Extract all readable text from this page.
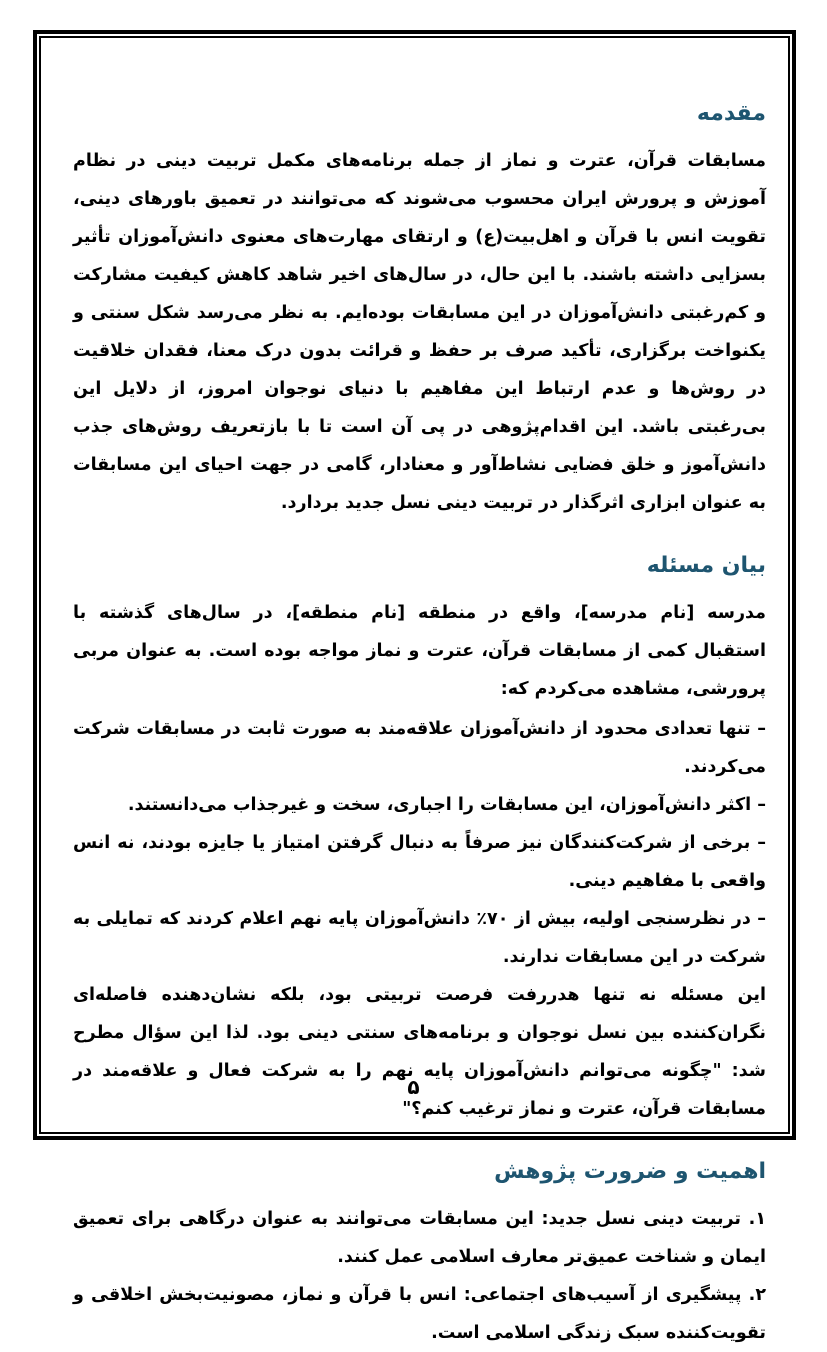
مقدمه

مسابقات قرآن، عترت و نماز از جمله برنامه‌های مکمل تربیت دینی در نظام آموزش و پرورش ایران محسوب می‌شوند که می‌توانند در تعمیق باورهای دینی، تقویت انس با قرآن و اهل‌بیت(ع) و ارتقای مهارت‌های معنوی دانش‌آموزان تأثیر بسزایی داشته باشند. با این حال، در سال‌های اخیر شاهد کاهش کیفیت مشارکت و کم‌رغبتی دانش‌آموزان در این مسابقات بوده‌ایم. به نظر می‌رسد شکل سنتی و یکنواخت برگزاری، تأکید صرف بر حفظ و قرائت بدون درک معنا، فقدان خلاقیت در روش‌ها و عدم ارتباط این مفاهیم با دنیای نوجوان امروز، از دلایل این بی‌رغبتی باشد. این اقدام‌پژوهی در پی آن است تا با بازتعریف روش‌های جذب دانش‌آموز و خلق فضایی نشاط‌آور و معنادار، گامی در جهت احیای این مسابقات به عنوان ابزاری اثرگذار در تربیت دینی نسل جدید بردارد.

بیان مسئله

مدرسه [نام مدرسه]، واقع در منطقه [نام منطقه]، در سال‌های گذشته با استقبال کمی از مسابقات قرآن، عترت و نماز مواجه بوده است. به عنوان مربی پرورشی، مشاهده می‌کردم که:

– تنها تعدادی محدود از دانش‌آموزان علاقه‌مند به صورت ثابت در مسابقات شرکت می‌کردند.

– اکثر دانش‌آموزان، این مسابقات را اجباری، سخت و غیرجذاب می‌دانستند.

– برخی از شرکت‌کنندگان نیز صرفاً به دنبال گرفتن امتیاز یا جایزه بودند، نه انس واقعی با مفاهیم دینی.

– در نظرسنجی اولیه، بیش از ۷۰٪ دانش‌آموزان پایه نهم اعلام کردند که تمایلی به شرکت در این مسابقات ندارند.

این مسئله نه تنها هدررفت فرصت تربیتی بود، بلکه نشان‌دهنده فاصله‌ای نگران‌کننده بین نسل نوجوان و برنامه‌های سنتی دینی بود. لذا این سؤال مطرح شد: "چگونه می‌توانم دانش‌آموزان پایه نهم را به شرکت فعال و علاقه‌مند در مسابقات قرآن، عترت و نماز ترغیب کنم؟"

اهمیت و ضرورت پژوهش

۱. تربیت دینی نسل جدید: این مسابقات می‌توانند به عنوان درگاهی برای تعمیق ایمان و شناخت عمیق‌تر معارف اسلامی عمل کنند.

۲. پیشگیری از آسیب‌های اجتماعی: انس با قرآن و نماز، مصونیت‌بخش اخلاقی و تقویت‌کننده سبک زندگی اسلامی است.

۵
